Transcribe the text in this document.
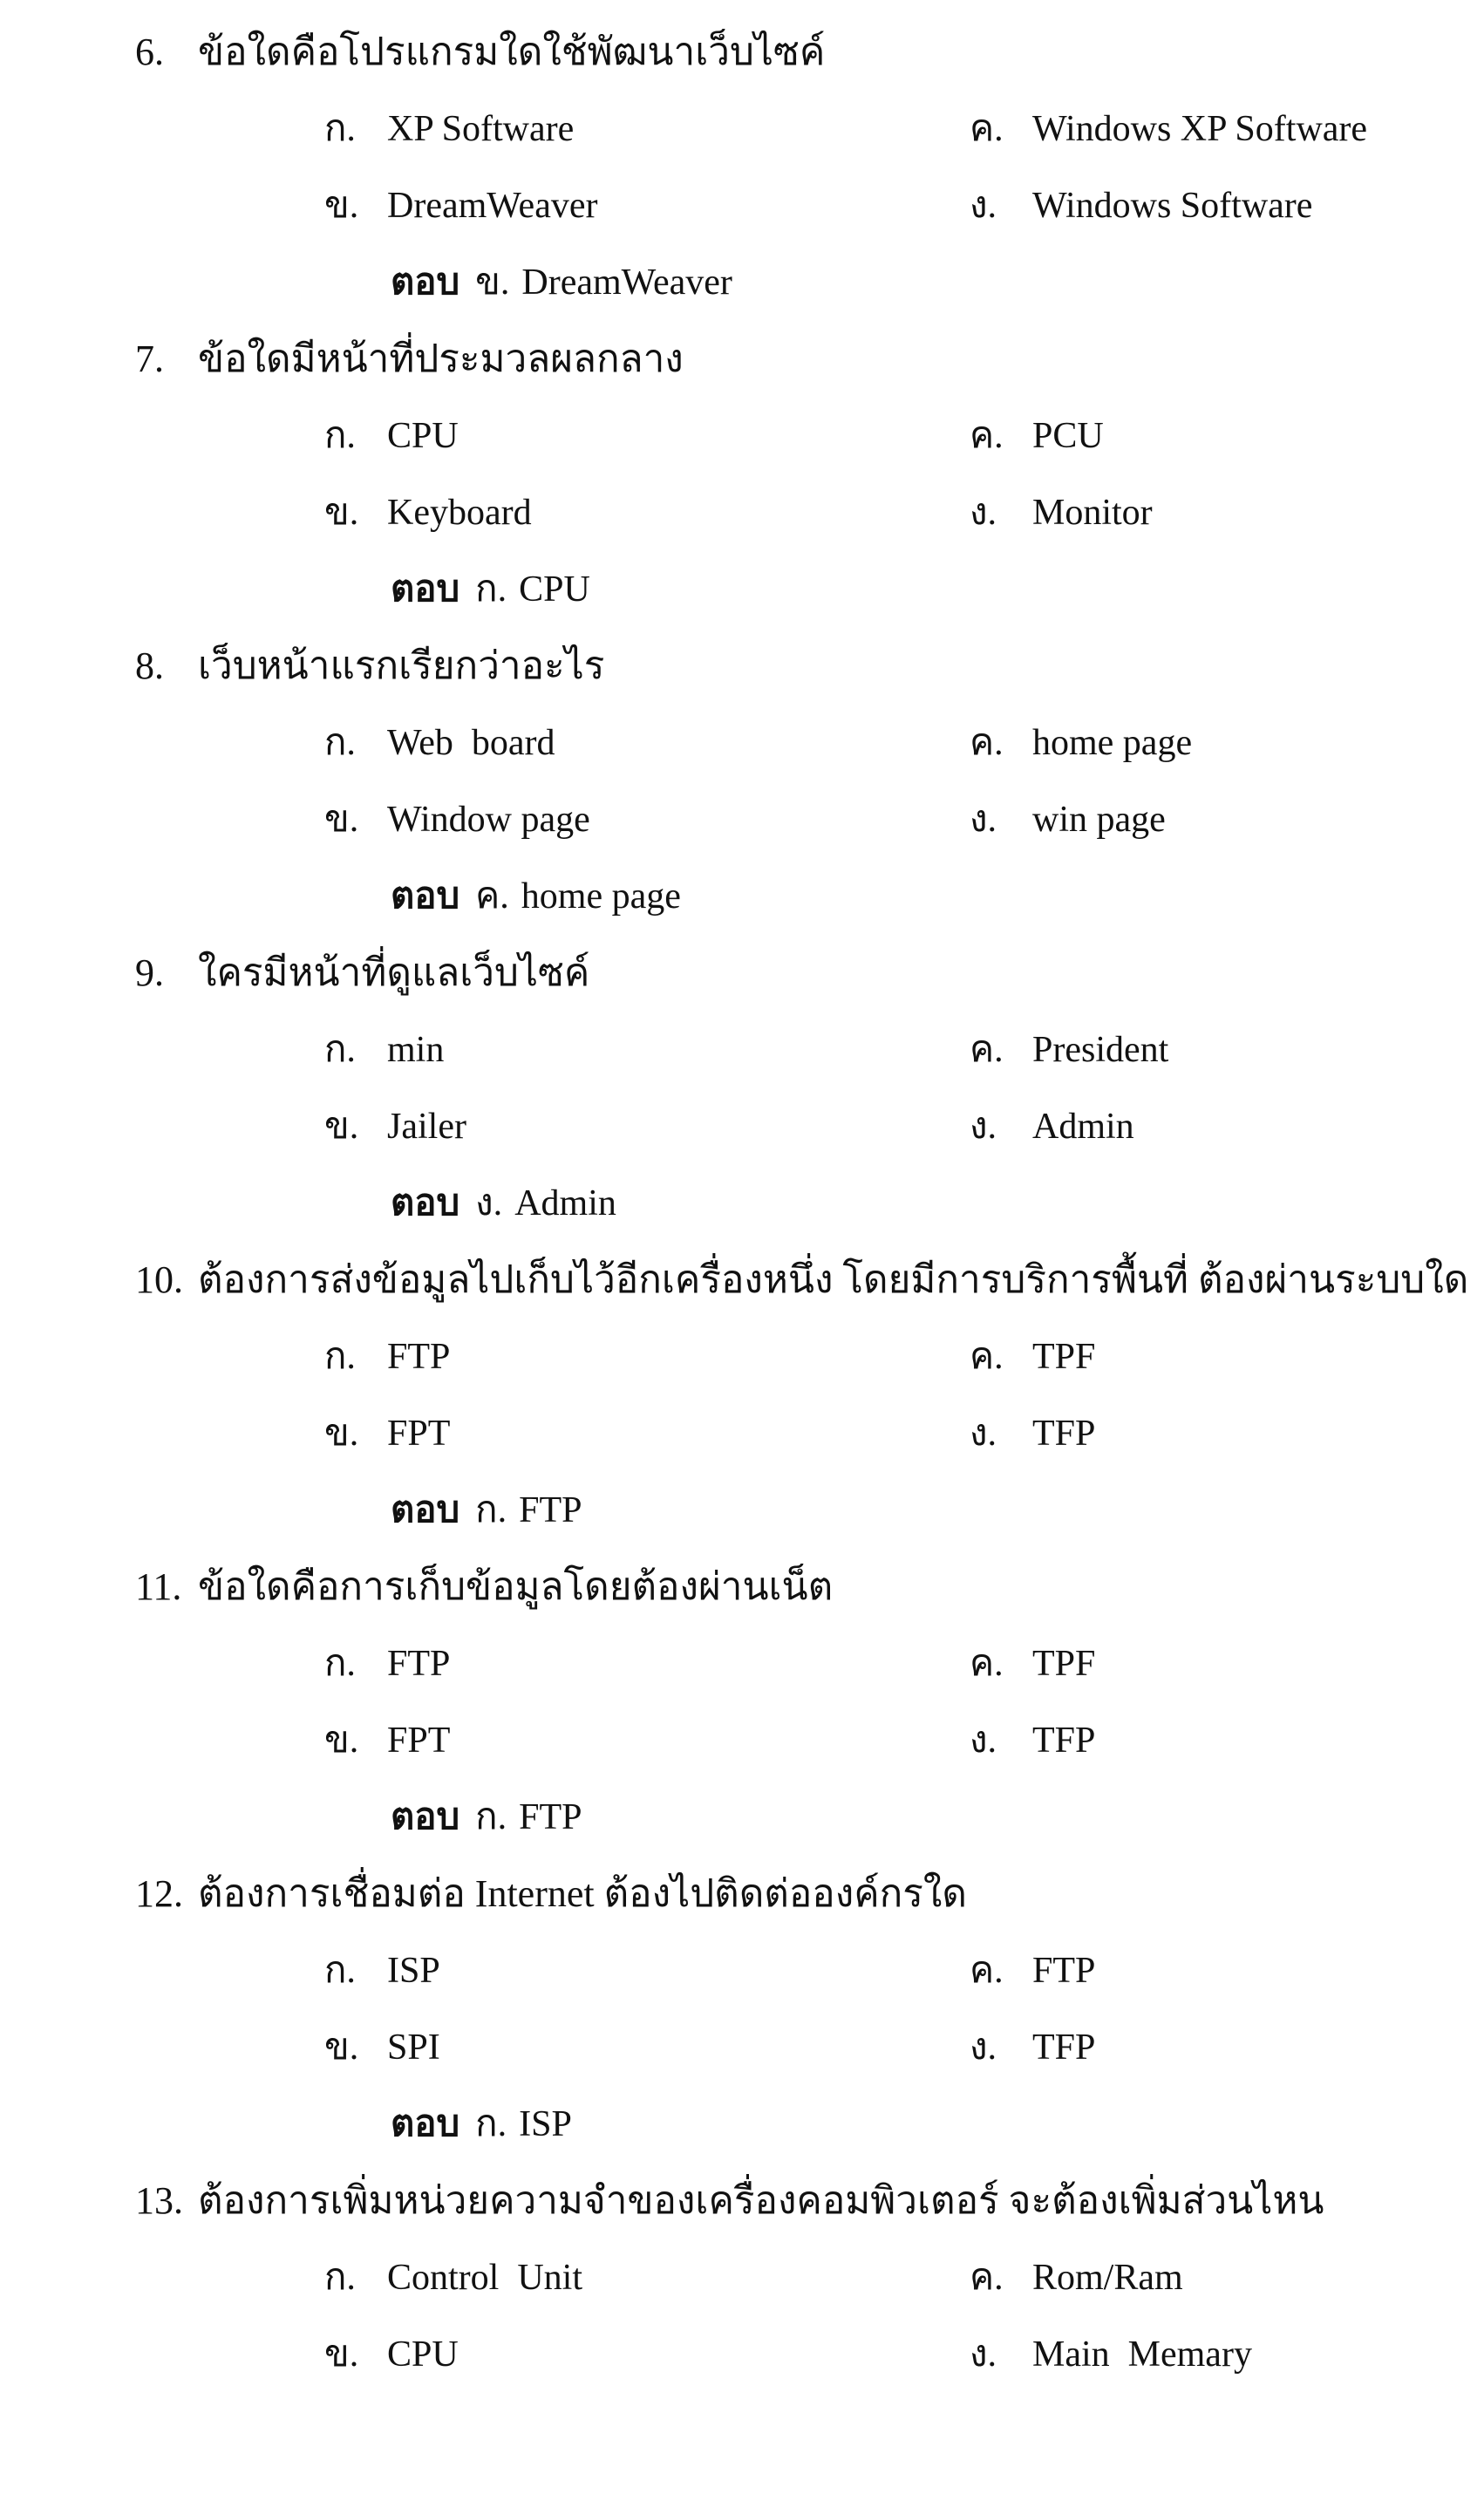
6. ข้อใดคือโปรแกรมใดใช้พัฒนาเว็บไซค์
ก. XP Software	ค. Windows XP Software
ข. DreamWeaver	ง. Windows Software
ตอบ ข. DreamWeaver
7. ข้อใดมีหน้าที่ประมวลผลกลาง
ก. CPU	ค. PCU
ข. Keyboard	ง. Monitor
ตอบ ก. CPU
8. เว็บหน้าแรกเรียกว่าอะไร
ก. Web  board	ค. home page
ข. Window page	ง. win page
ตอบ ค. home page
9. ใครมีหน้าที่ดูแลเว็บไซค์
ก. min	ค. President
ข. Jailer	ง. Admin
ตอบ ง. Admin
10. ต้องการส่งข้อมูลไปเก็บไว้อีกเครื่องหนึ่ง โดยมีการบริการพื้นที่ ต้องผ่านระบบใด
ก. FTP	ค. TPF
ข. FPT	ง. TFP
ตอบ ก. FTP
11. ข้อใดคือการเก็บข้อมูลโดยต้องผ่านเน็ต
ก. FTP	ค. TPF
ข. FPT	ง. TFP
ตอบ ก. FTP
12. ต้องการเชื่อมต่อ Internet ต้องไปติดต่อองค์กรใด
ก. ISP	ค. FTP
ข. SPI	ง. TFP
ตอบ ก. ISP
13. ต้องการเพิ่มหน่วยความจำของเครื่องคอมพิวเตอร์ จะต้องเพิ่มส่วนไหน
ก. Control  Unit	ค. Rom/Ram
ข. CPU	ง. Main  Memary
